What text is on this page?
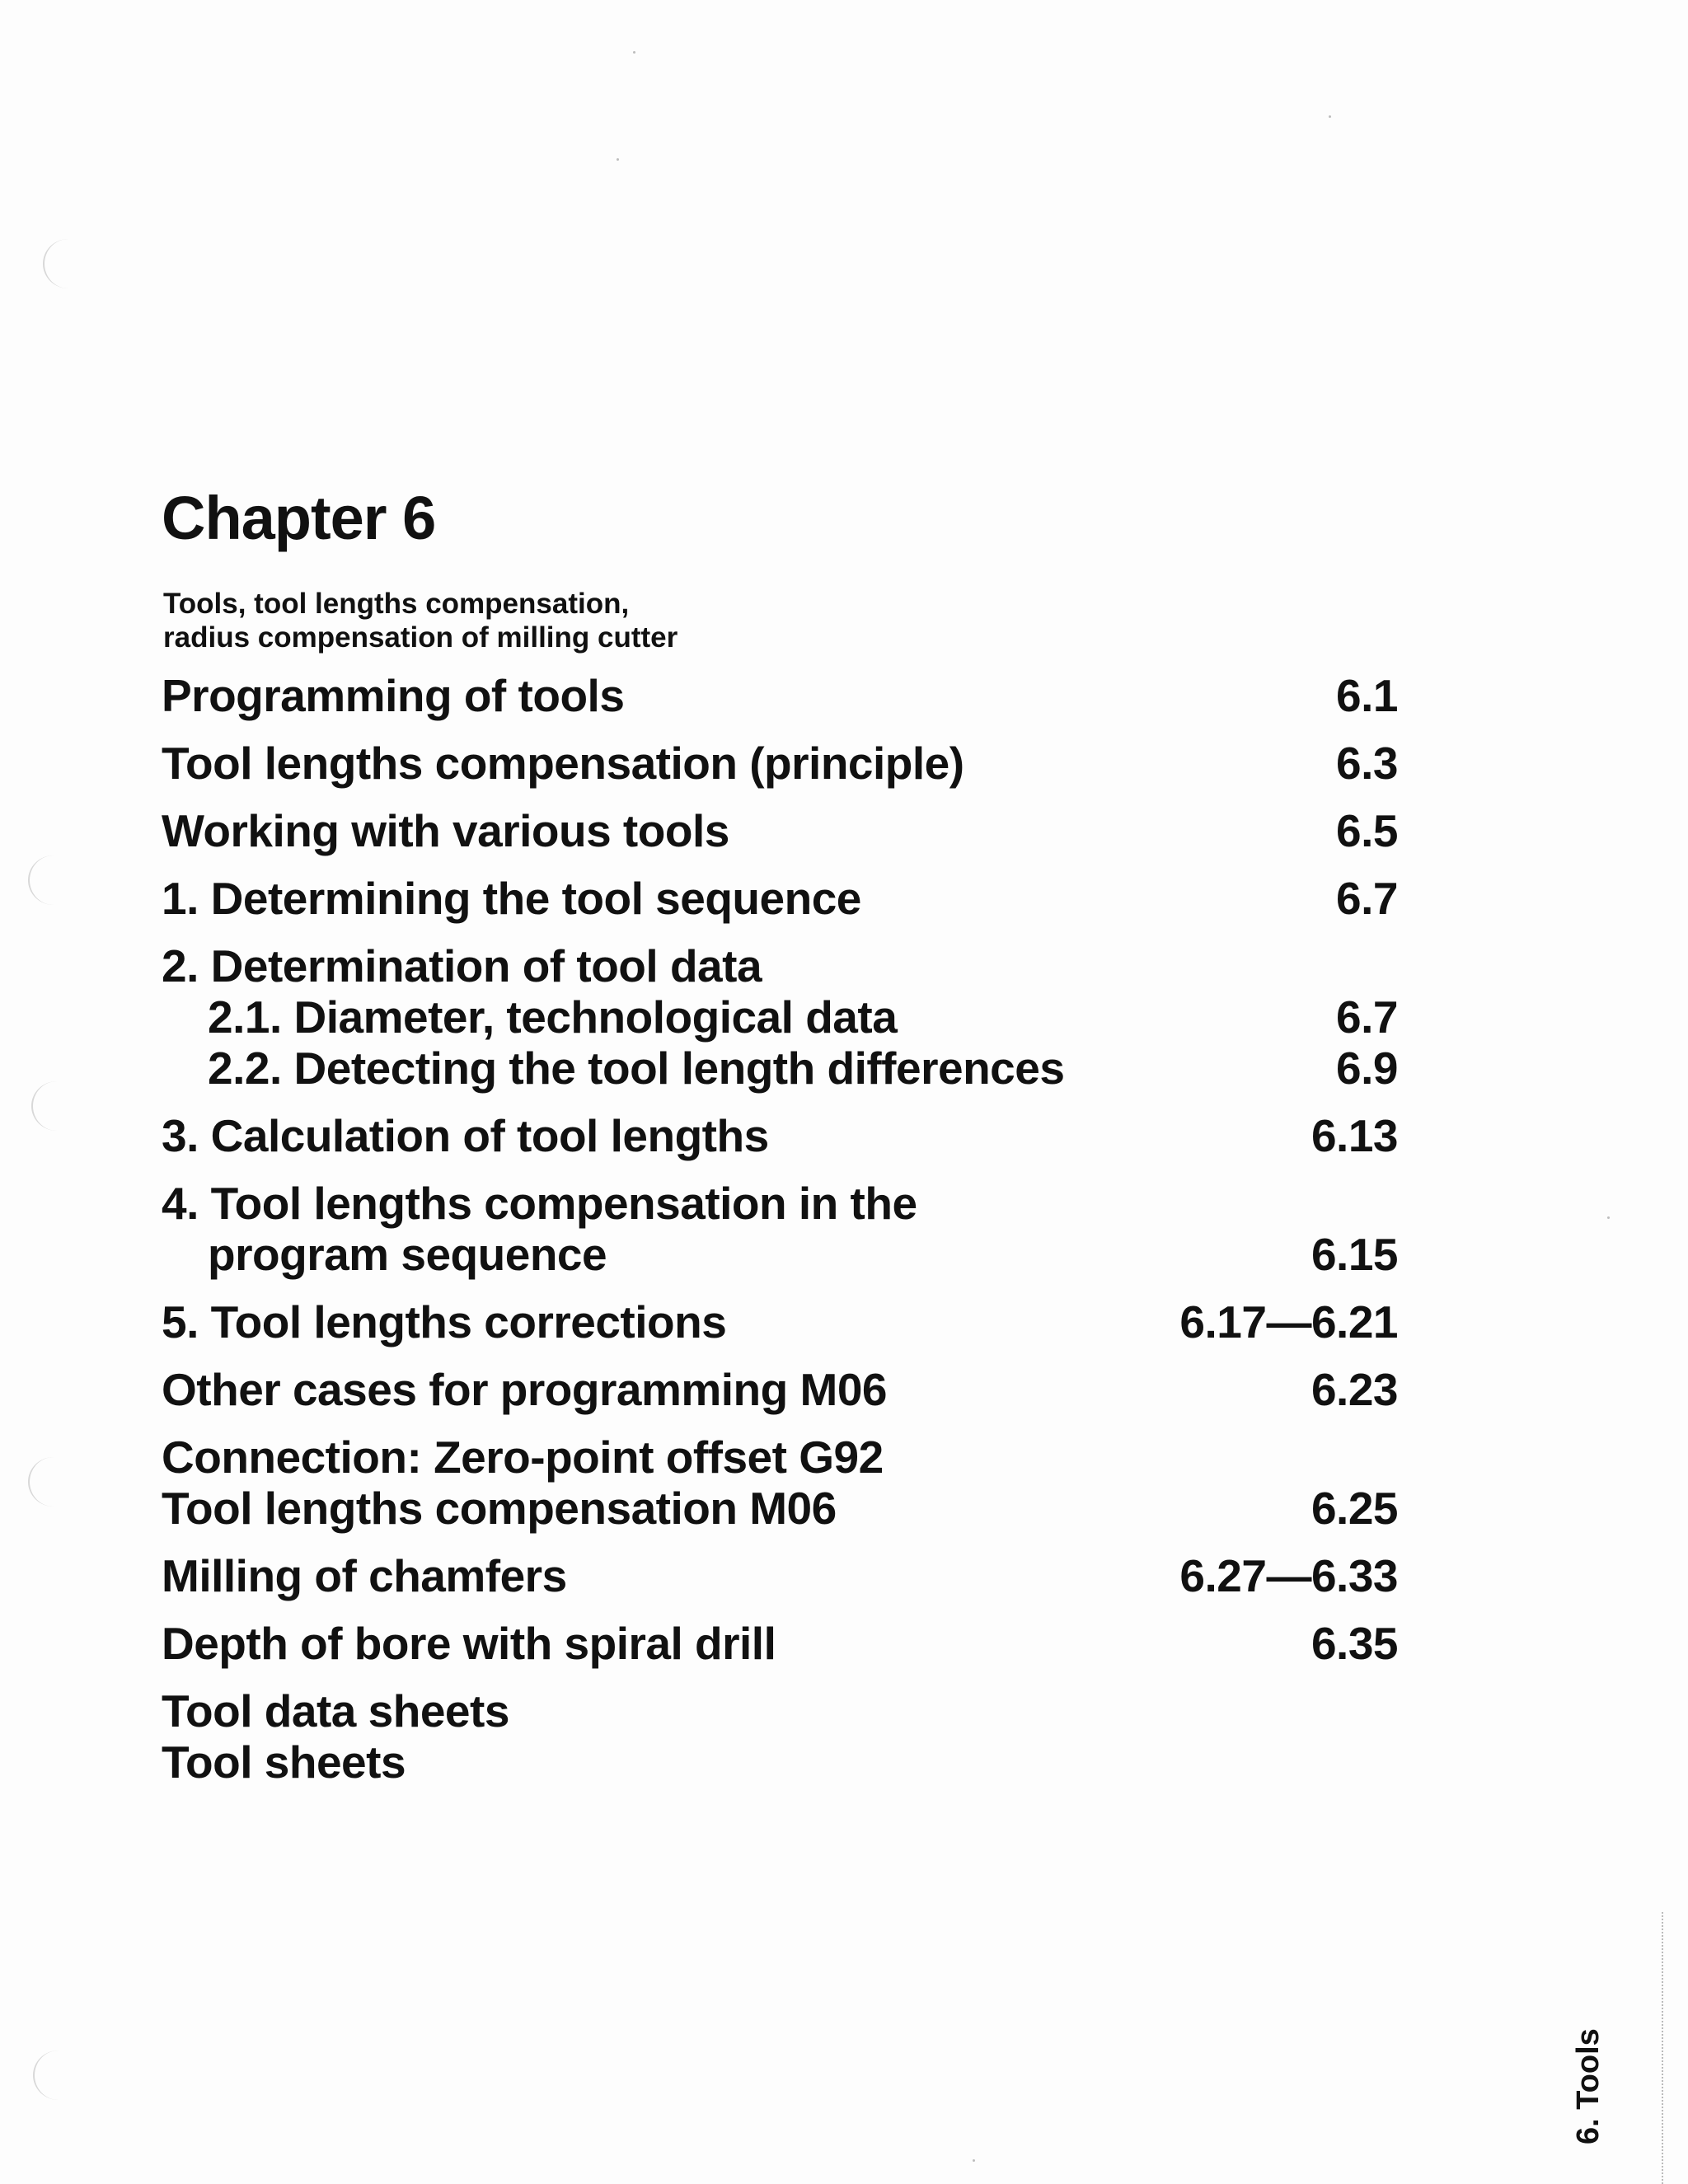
Chapter 6
Tools, tool lengths compensation,
radius compensation of milling cutter
Programming of tools	6.1
Tool lengths compensation (principle)	6.3
Working with various tools	6.5
1. Determining the tool sequence	6.7
2. Determination of tool data
2.1. Diameter, technological data	6.7
2.2. Detecting the tool length differences	6.9
3. Calculation of tool lengths	6.13
4. Tool lengths compensation in the
program sequence	6.15
5. Tool lengths corrections	6.17—6.21
Other cases for programming M06	6.23
Connection: Zero-point offset G92
Tool lengths compensation M06	6.25
Milling of chamfers	6.27—6.33
Depth of bore with spiral drill	6.35
Tool data sheets
Tool sheets
6. Tools
